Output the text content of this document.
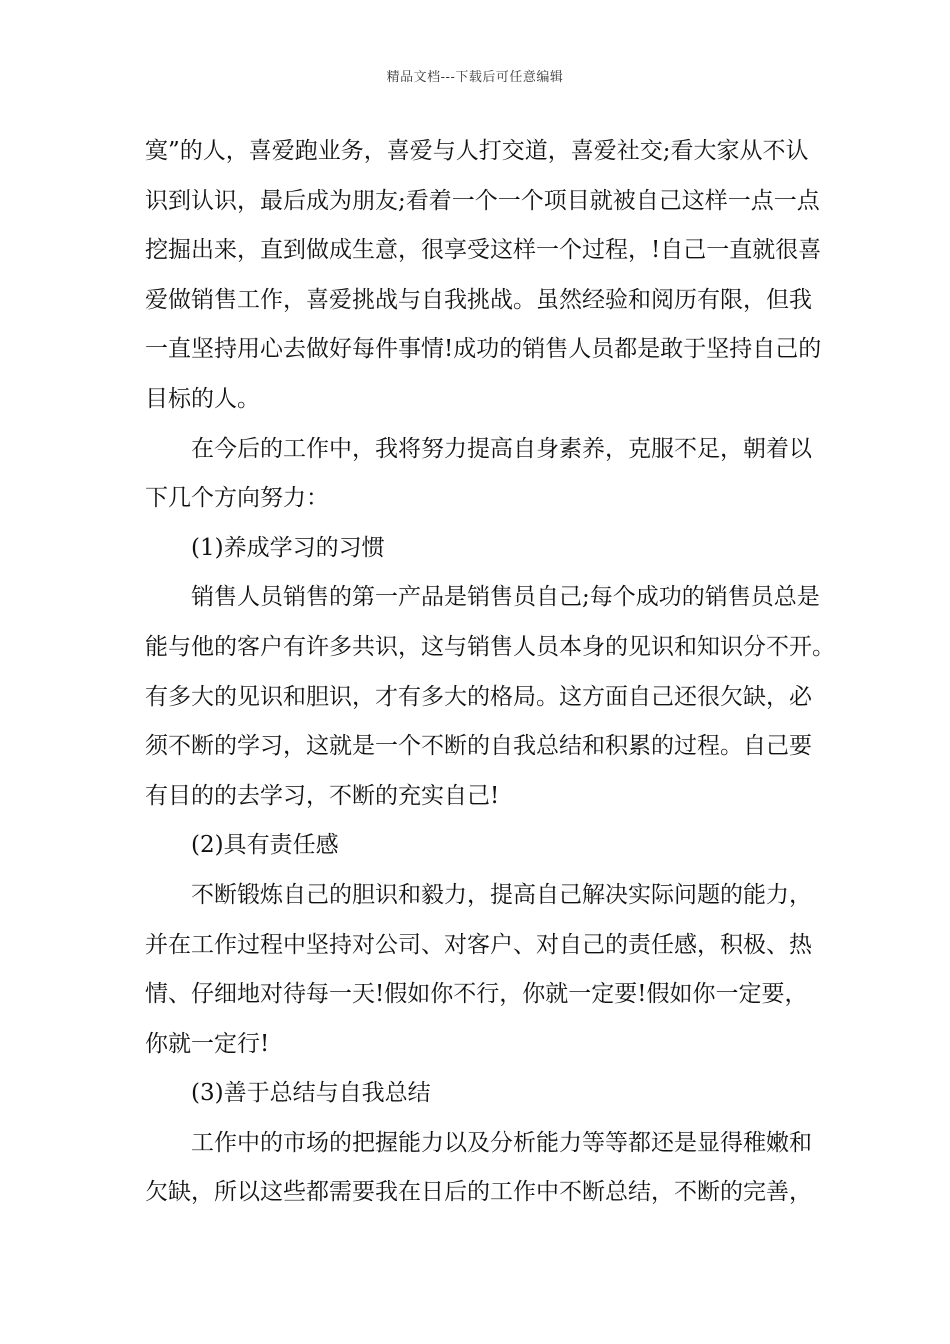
精品文档---下载后可任意编辑
寞”的人，喜爱跑业务，喜爱与人打交道，喜爱社交;看大家从不认
识到认识，最后成为朋友;看着一个一个项目就被自己这样一点一点
挖掘出来，直到做成生意，很享受这样一个过程，!自己一直就很喜
爱做销售工作，喜爱挑战与自我挑战。虽然经验和阅历有限，但我
一直坚持用心去做好每件事情!成功的销售人员都是敢于坚持自己的
目标的人。
在今后的工作中，我将努力提高自身素养，克服不足，朝着以
下几个方向努力：
(1)养成学习的习惯
销售人员销售的第一产品是销售员自己;每个成功的销售员总是
能与他的客户有许多共识，这与销售人员本身的见识和知识分不开。
有多大的见识和胆识，才有多大的格局。这方面自己还很欠缺，必
须不断的学习，这就是一个不断的自我总结和积累的过程。自己要
有目的的去学习，不断的充实自己!
(2)具有责任感
不断锻炼自己的胆识和毅力，提高自己解决实际问题的能力，
并在工作过程中坚持对公司、对客户、对自己的责任感，积极、热
情、仔细地对待每一天!假如你不行，你就一定要!假如你一定要，
你就一定行!
(3)善于总结与自我总结
工作中的市场的把握能力以及分析能力等等都还是显得稚嫩和
欠缺，所以这些都需要我在日后的工作中不断总结，不断的完善，
